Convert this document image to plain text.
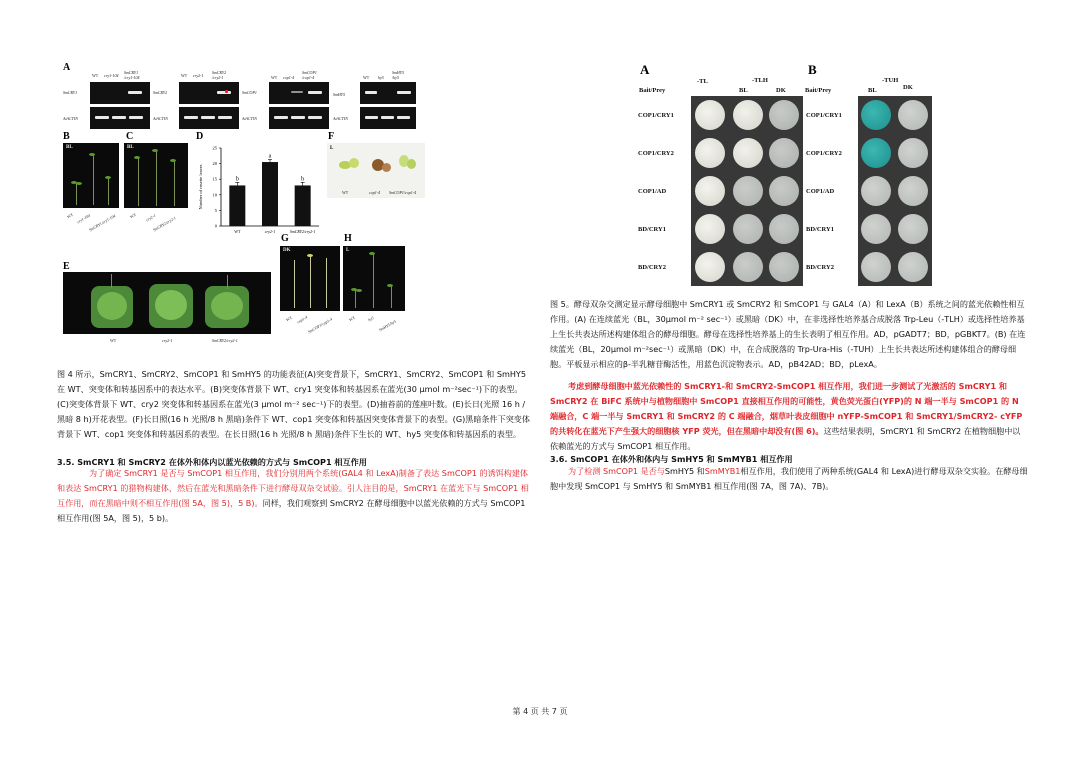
A
WT cry1-104
SmCRY1
/cry1-104
SmCRY1
AtACTIN
WT cry2-1
SmCRY2
/cry2-1
SmCRY2
AtACTIN
WT cop1-4
SmCOP1
/cop1-4
SmCOP1
AtACTIN
WT hy5
SmHY5
/hy5
SmHY5
AtACTIN
B
BL
WT cry1-104
SmCRY1/cry1-104
C
BL
WT cry2-1
SmCRY2/cry2-1
D
0
5
10
15
20
25
Number of rosette leaves	b
WT
a
cry2-1
b
SmCRY2/cry2-1
F
L
WT	cop1-4 SmCOP1/cop1-4
E
WT	cry2-1	SmCRY2/cry2-1
G
DK
WT cop1-4
SmCOP1/cop1-4
H
L
WT	hy5 SmHY5/hy5
图 4 所示，SmCRY1、SmCRY2、SmCOP1 和 SmHY5 的功能表征(A)突变背景下，SmCRY1、SmCRY2、SmCOP1 和 SmHY5 在 WT、突变体和转基因系中的表达水平。(B)突变体背景下 WT、cry1 突变体和转基因系在蓝光(30 μmol m⁻²sec⁻¹)下的表型。(C)突变体背景下 WT、cry2 突变体和转基因系在蓝光(3 μmol m⁻² sec⁻¹)下的表型。(D)抽苔前的莲座叶数。(E)长日(光照 16 h /黑暗 8 h)开花表型。(F)长日照(16 h 光照/8 h 黑暗)条件下 WT、cop1 突变体和转基因突变体背景下的表型。(G)黑暗条件下突变体背景下 WT、cop1 突变体和转基因系的表型。在长日照(16 h 光照/8 h 黑暗)条件下生长的 WT、hy5 突变体和转基因系的表型。
3.5. SmCRY1 和 SmCRY2 在体外和体内以蓝光依赖的方式与 SmCOP1 相互作用
为了确定 SmCRY1 是否与 SmCOP1 相互作用，我们分别用两个系统(GAL4 和 LexA)制备了表达 SmCOP1 的诱饵构建体和表达 SmCRY1 的猎物构建体，然后在蓝光和黑暗条件下进行酵母双杂交试验。引人注目的是，SmCRY1 在蓝光下与 SmCOP1 相互作用，而在黑暗中则不相互作用(图 5A，图 5)，5 B)。同样，我们观察到 SmCRY2 在酵母细胞中以蓝光依赖的方式与 SmCOP1 相互作用(图 5A，图 5)，5 b)。
A	B
Bait/Prey	Bait/Prey
-TL	-TLH
BL	DK
-TUH
BL	DK
COP1/CRY1
COP1/CRY2
COP1/AD
BD/CRY1
BD/CRY2
COP1/CRY1
COP1/CRY2
COP1/AD
BD/CRY1
BD/CRY2
图 5。酵母双杂交测定显示酵母细胞中 SmCRY1 或 SmCRY2 和 SmCOP1 与 GAL4（A）和 LexA（B）系统之间的蓝光依赖性相互作用。(A) 在连续蓝光（BL，30μmol m⁻² sec⁻¹）或黑暗（DK）中，在非选择性培养基合成脱落 Trp-Leu（-TLH）或选择性培养基上生长共表达所述构建体组合的酵母细胞。酵母在选择性培养基上的生长表明了相互作用。AD，pGADT7；BD，pGBKT7。(B) 在连续蓝光（BL，20μmol m⁻²sec⁻¹）或黑暗（DK）中，在合成脱落的 Trp-Ura-His（-TUH）上生长共表达所述构建体组合的酵母细胞。平板显示相应的β-半乳糖苷酶活性，用蓝色沉淀物表示。AD，pB42AD；BD，pLexA。
考虑到酵母细胞中蓝光依赖性的 SmCRY1-和 SmCRY2-SmCOP1 相互作用，我们进一步测试了光激活的 SmCRY1 和 SmCRY2 在 BiFC 系统中与植物细胞中 SmCOP1 直接相互作用的可能性，黄色荧光蛋白(YFP)的 N 端一半与 SmCOP1 的 N 端融合，C 端一半与 SmCRY1 和 SmCRY2 的 C 端融合，烟草叶表皮细胞中 nYFP-SmCOP1 和 SmCRY1/SmCRY2- cYFP 的共转化在蓝光下产生强大的细胞核 YFP 荧光，但在黑暗中却没有(图 6)。这些结果表明，SmCRY1 和 SmCRY2 在植物细胞中以依赖蓝光的方式与 SmCOP1 相互作用。
3.6. SmCOP1 在体外和体内与 SmHY5 和 SmMYB1 相互作用
为了检测 SmCOP1 是否与SmHY5 和SmMYB1相互作用，我们使用了两种系统(GAL4 和 LexA)进行酵母双杂交实验。在酵母细胞中发现 SmCOP1 与 SmHY5 和 SmMYB1 相互作用(图 7A，图 7A)、7B)。
第 4 页 共 7 页
